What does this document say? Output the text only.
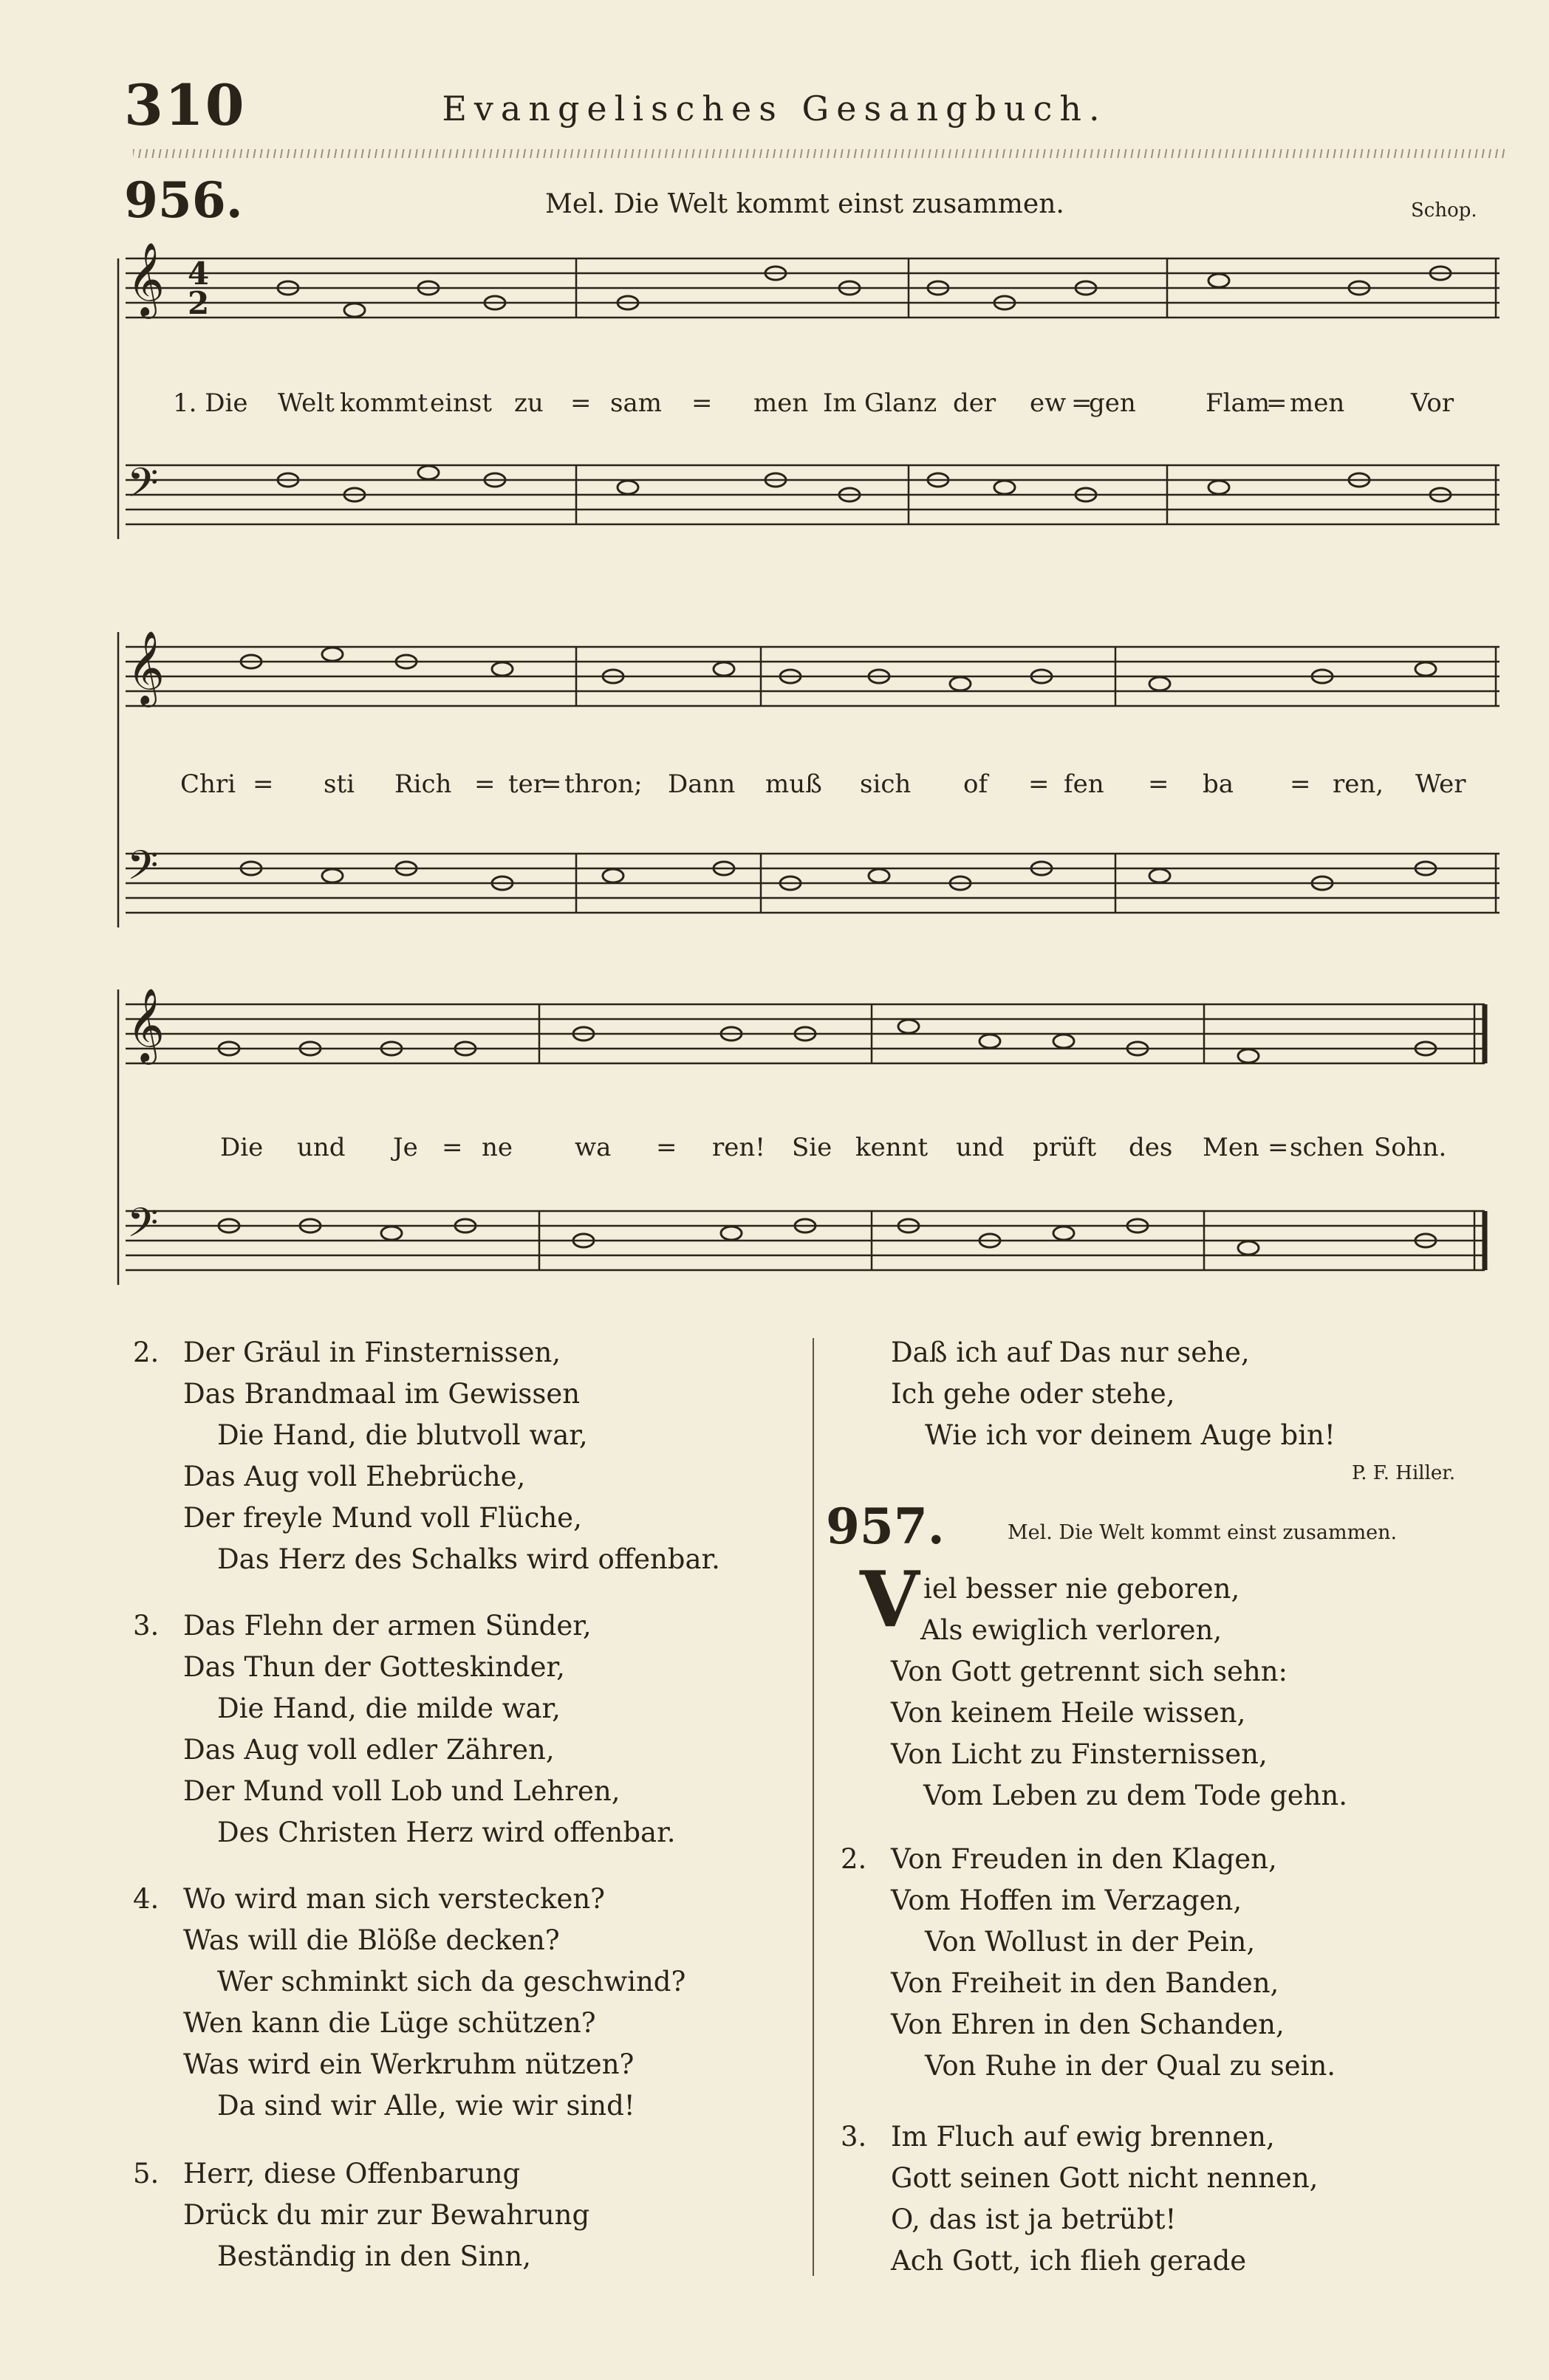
310	Evangelisches Gesangbuch.
956.	Mel. Die Welt kommt einst zusammen.	Schop.
𝄞 4
2
𝄢
1. Die Welt kommt einst zu = sam = men Im Glanz der ew =
gen	Flam
= men	Vor
𝄞
𝄢
Chri = sti Rich = ter
= thron; Dann muß sich of = fen = ba = ren, Wer
𝄞
𝄢
Die und Je = ne wa = ren! Sie kennt und prüft des Men = schen Sohn.
2. Der Gräul in Finsternissen,
Das Brandmaal im Gewissen
Die Hand, die blutvoll war,
Das Aug voll Ehebrüche,
Der freyle Mund voll Flüche,
Das Herz des Schalks wird offenbar.
3. Das Flehn der armen Sünder,
Das Thun der Gotteskinder,
Die Hand, die milde war,
Das Aug voll edler Zähren,
Der Mund voll Lob und Lehren,
Des Christen Herz wird offenbar.
4. Wo wird man sich verstecken?
Was will die Blöße decken?
Wer schminkt sich da geschwind?
Wen kann die Lüge schützen?
Was wird ein Werkruhm nützen?
Da sind wir Alle, wie wir sind!
5. Herr, diese Offenbarung
Drück du mir zur Bewahrung
Beständig in den Sinn,
Daß ich auf Das nur sehe,
Ich gehe oder stehe,
Wie ich vor deinem Auge bin!
P. F. Hiller.
957.	Mel. Die Welt kommt einst zusammen.
V iel besser nie geboren,
Als ewiglich verloren,
Von Gott getrennt sich sehn:
Von keinem Heile wissen,
Von Licht zu Finsternissen,
Vom Leben zu dem Tode gehn.
2. Von Freuden in den Klagen,
Vom Hoffen im Verzagen,
Von Wollust in der Pein,
Von Freiheit in den Banden,
Von Ehren in den Schanden,
Von Ruhe in der Qual zu sein.
3. Im Fluch auf ewig brennen,
Gott seinen Gott nicht nennen,
O, das ist ja betrübt!
Ach Gott, ich flieh gerade
